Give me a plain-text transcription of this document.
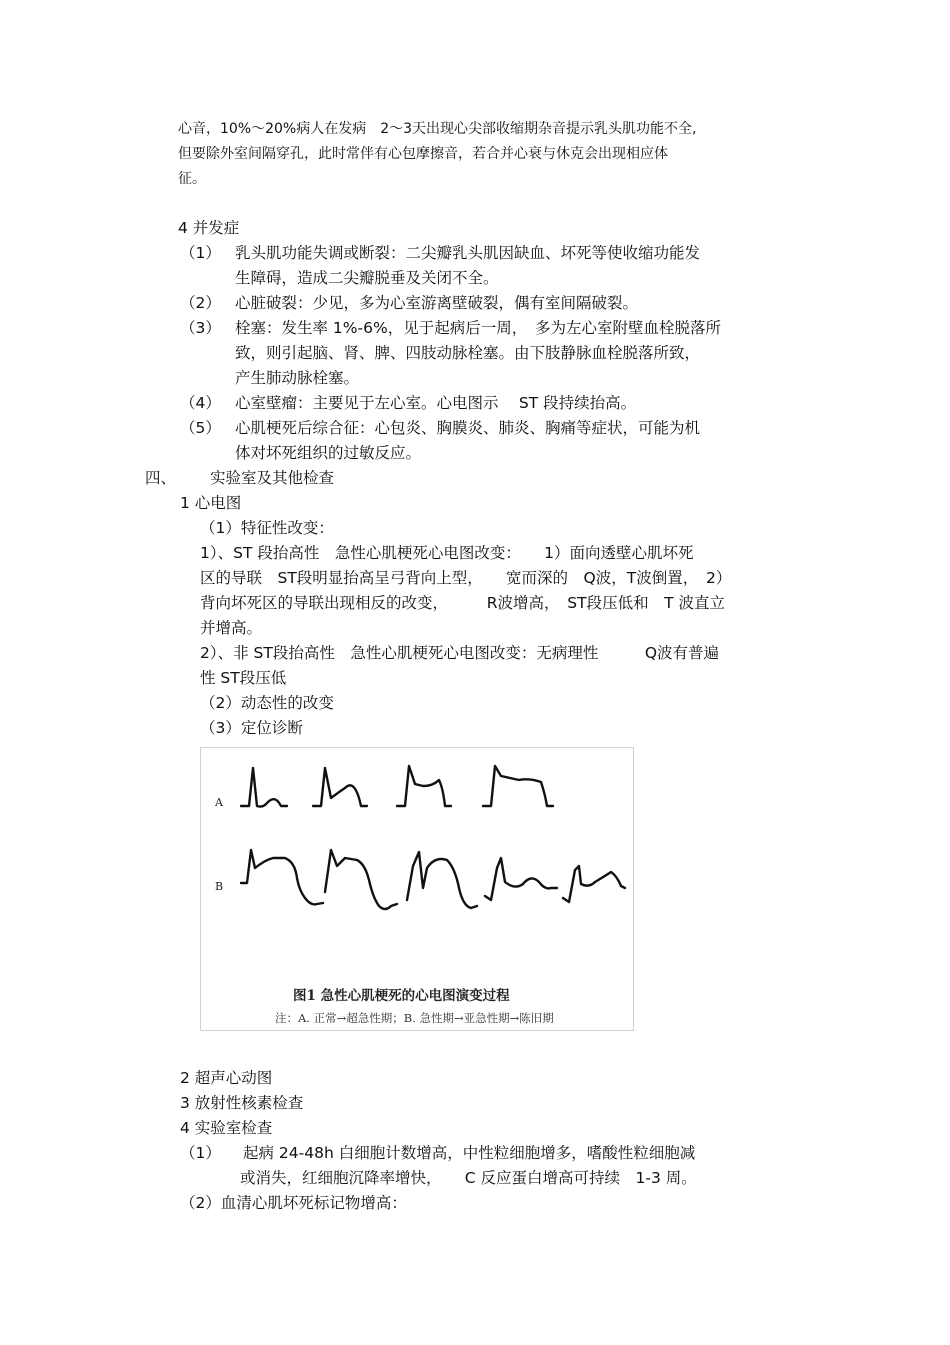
心音，10%～20%病人在发病　2～3天出现心尖部收缩期杂音提示乳头肌功能不全,
但要除外室间隔穿孔，此时常伴有心包摩擦音，若合并心衰与休克会出现相应体
征。
4 并发症
（1） 乳头肌功能失调或断裂：二尖瓣乳头肌因缺血、坏死等使收缩功能发
生障碍，造成二尖瓣脱垂及关闭不全。
（2） 心脏破裂：少见，多为心室游离壁破裂，偶有室间隔破裂。
（3） 栓塞：发生率 1%-6%，见于起病后一周，　多为左心室附壁血栓脱落所
致，则引起脑、肾、脾、四肢动脉栓塞。由下肢静脉血栓脱落所致，
产生肺动脉栓塞。
（4） 心室壁瘤：主要见于左心室。心电图示　 ST 段持续抬高。
（5） 心肌梗死后综合征：心包炎、胸膜炎、肺炎、胸痛等症状，可能为机
体对坏死组织的过敏反应。
四、 实验室及其他检查
1 心电图
（1）特征性改变：
1）、ST 段抬高性　急性心肌梗死心电图改变：　　1）面向透壁心肌坏死
区的导联　ST段明显抬高呈弓背向上型，　　宽而深的　Q波，T波倒置，　2）
背向坏死区的导联出现相反的改变，　　　R波增高，　ST段压低和　T 波直立
并增高。
2）、非 ST段抬高性　急性心肌梗死心电图改变：无病理性　　　Q波有普遍
性 ST段压低
（2）动态性的改变
（3）定位诊断
A
B
图1 急性心肌梗死的心电图演变过程
注：A. 正常→超急性期；B. 急性期→亚急性期→陈旧期
2 超声心动图
3 放射性核素检查
4 实验室检查
（1） 起病 24-48h 白细胞计数增高，中性粒细胞增多，嗜酸性粒细胞减
或消失，红细胞沉降率增快，　　C 反应蛋白增高可持续　1-3 周。
（2）血清心肌坏死标记物增高：
